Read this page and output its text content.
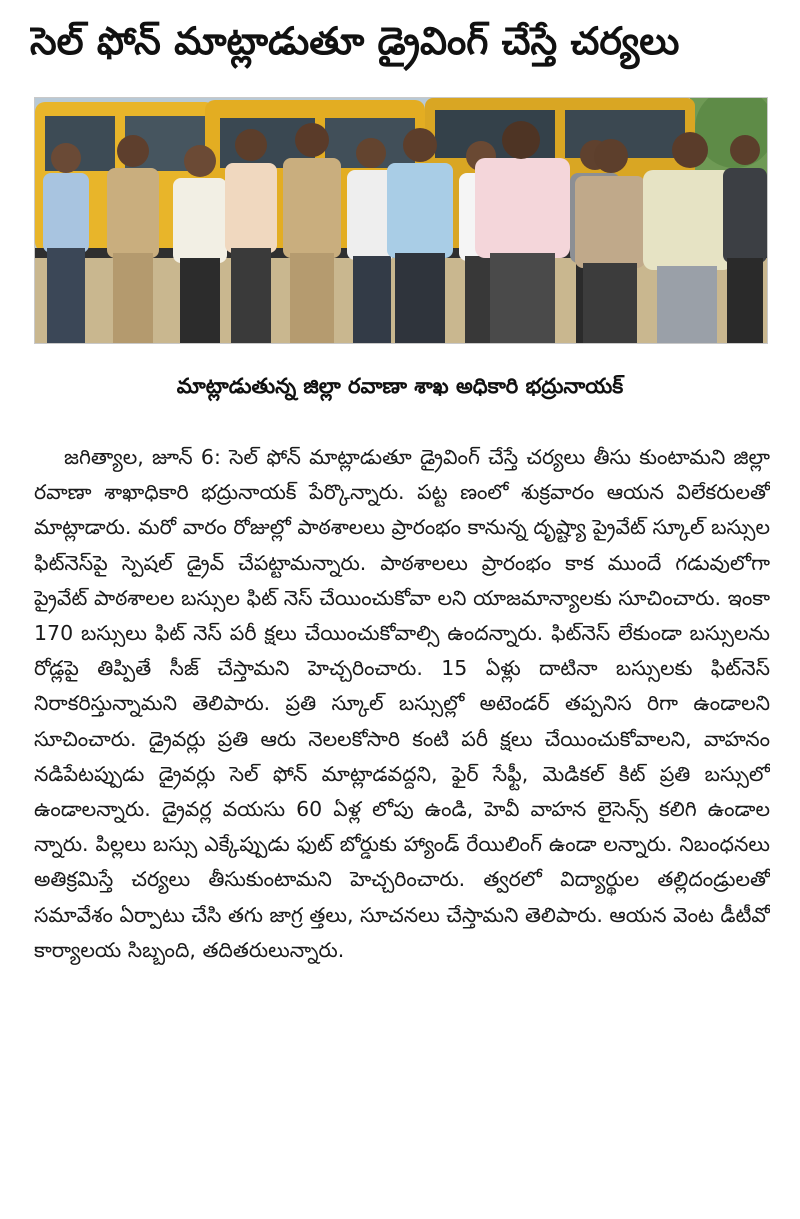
సెల్ ఫోన్ మాట్లాడుతూ డ్రైవింగ్ చేస్తే చర్యలు
మాట్లాడుతున్న జిల్లా రవాణా శాఖ అధికారి భద్రునాయక్

జగిత్యాల, జూన్ 6: సెల్ ఫోన్ మాట్లాడుతూ డ్రైవింగ్ చేస్తే చర్యలు తీసు కుంటామని జిల్లా రవాణా శాఖాధికారి భద్రునాయక్ పేర్కొన్నారు. పట్ట ణంలో శుక్రవారం ఆయన విలేకరులతో మాట్లాడారు. మరో వారం రోజుల్లో పాఠశాలలు ప్రారంభం కానున్న దృష్ట్యా ప్రైవేట్ స్కూల్ బస్సుల ఫిట్‌నెస్‌పై స్పెషల్ డ్రైవ్ చేపట్టామన్నారు. పాఠశాలలు ప్రారంభం కాక ముందే గడువులోగా ప్రైవేట్ పాఠశాలల బస్సుల ఫిట్ నెస్ చేయించుకోవా లని యాజమాన్యాలకు సూచించారు. ఇంకా 170 బస్సులు ఫిట్ నెస్ పరీ క్షలు చేయించుకోవాల్సి ఉందన్నారు. ఫిట్‌నెస్ లేకుండా బస్సులను రోడ్లపై తిప్పితే సీజ్ చేస్తామని హెచ్చరించారు. 15 ఏళ్లు దాటినా బస్సులకు ఫిట్‌నెస్ నిరాకరిస్తున్నామని తెలిపారు. ప్రతి స్కూల్ బస్సుల్లో అటెండర్ తప్పనిస రిగా ఉండాలని సూచించారు. డ్రైవర్లు ప్రతి ఆరు నెలలకోసారి కంటి పరీ క్షలు చేయించుకోవాలని, వాహనం నడిపేటప్పుడు డ్రైవర్లు సెల్ ఫోన్ మాట్లాడవద్దని, ఫైర్ సేఫ్టీ, మెడికల్ కిట్ ప్రతి బస్సులో ఉండాలన్నారు. డ్రైవర్ల వయసు 60 ఏళ్ల లోపు ఉండి, హెవీ వాహన లైసెన్స్ కలిగి ఉండాల న్నారు. పిల్లలు బస్సు ఎక్కేప్పుడు ఫుట్ బోర్డుకు హ్యాండ్ రేయిలింగ్ ఉండా లన్నారు. నిబంధనలు అతిక్రమిస్తే చర్యలు తీసుకుంటామని హెచ్చరించారు. త్వరలో విద్యార్థుల తల్లిదండ్రులతో సమావేశం ఏర్పాటు చేసి తగు జాగ్ర త్తలు, సూచనలు చేస్తామని తెలిపారు. ఆయన వెంట డీటీవో కార్యాలయ సిబ్బంది, తదితరులున్నారు.
